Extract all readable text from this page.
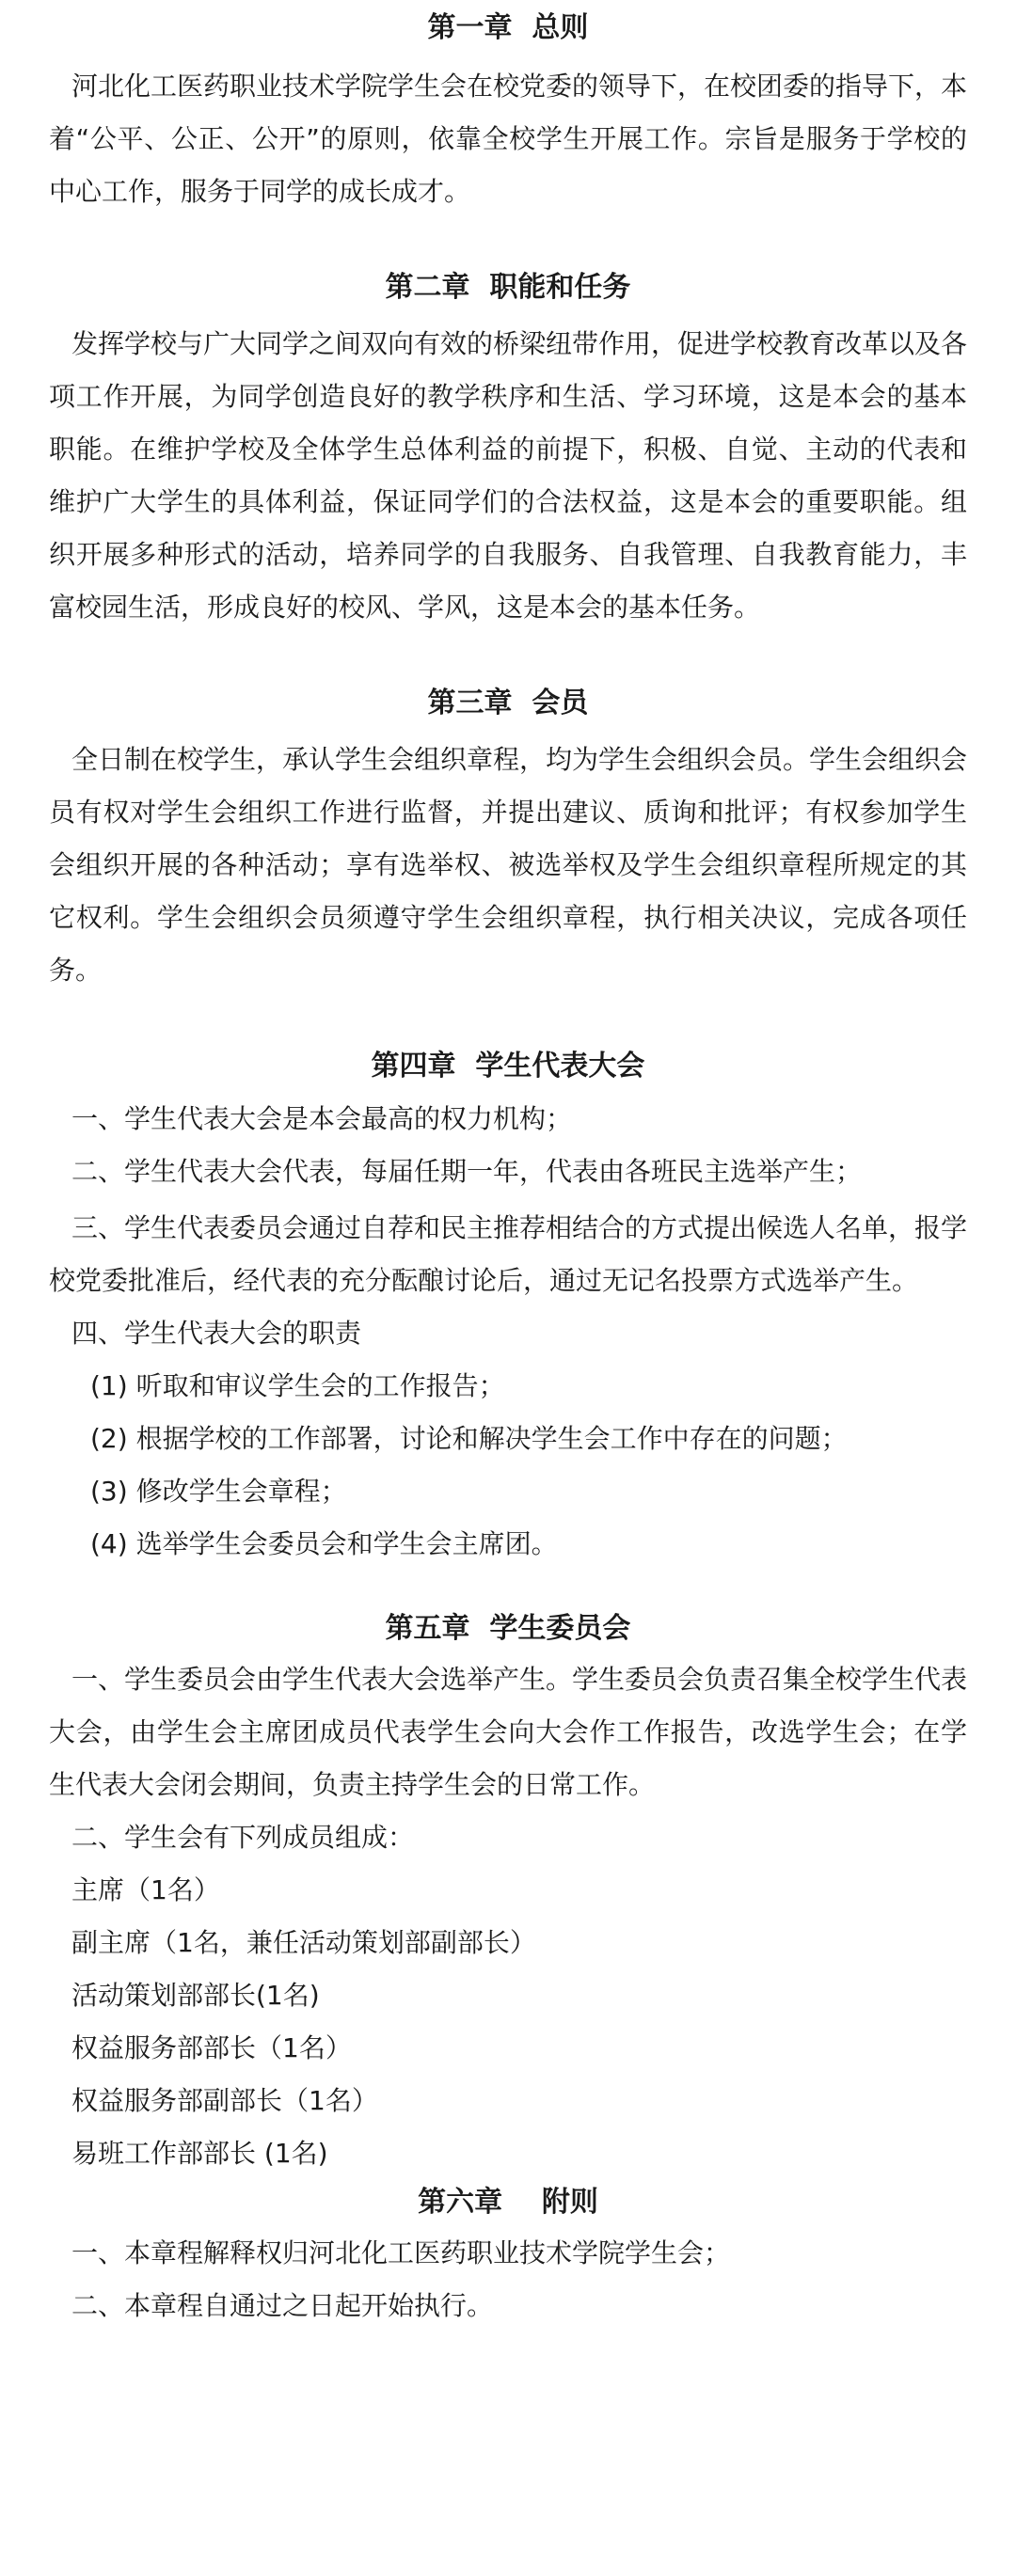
第一章  总则

河北化工医药职业技术学院学生会在校党委的领导下，在校团委的指导下，本着“公平、公正、公开”的原则，依靠全校学生开展工作。宗旨是服务于学校的中心工作，服务于同学的成长成才。

第二章  职能和任务

发挥学校与广大同学之间双向有效的桥梁纽带作用，促进学校教育改革以及各项工作开展，为同学创造良好的教学秩序和生活、学习环境，这是本会的基本职能。在维护学校及全体学生总体利益的前提下，积极、自觉、主动的代表和维护广大学生的具体利益，保证同学们的合法权益，这是本会的重要职能。组织开展多种形式的活动，培养同学的自我服务、自我管理、自我教育能力，丰富校园生活，形成良好的校风、学风，这是本会的基本任务。

第三章  会员

全日制在校学生，承认学生会组织章程，均为学生会组织会员。学生会组织会员有权对学生会组织工作进行监督，并提出建议、质询和批评；有权参加学生会组织开展的各种活动；享有选举权、被选举权及学生会组织章程所规定的其它权利。学生会组织会员须遵守学生会组织章程，执行相关决议，完成各项任务。

第四章  学生代表大会

一、学生代表大会是本会最高的权力机构；

二、学生代表大会代表，每届任期一年，代表由各班民主选举产生；

三、学生代表委员会通过自荐和民主推荐相结合的方式提出候选人名单，报学校党委批准后，经代表的充分酝酿讨论后，通过无记名投票方式选举产生。

四、学生代表大会的职责

(1) 听取和审议学生会的工作报告；

(2) 根据学校的工作部署，讨论和解决学生会工作中存在的问题；

(3) 修改学生会章程；

(4) 选举学生会委员会和学生会主席团。

第五章  学生委员会

一、学生委员会由学生代表大会选举产生。学生委员会负责召集全校学生代表大会，由学生会主席团成员代表学生会向大会作工作报告，改选学生会；在学生代表大会闭会期间，负责主持学生会的日常工作。

二、学生会有下列成员组成：

主席（1名）

副主席（1名，兼任活动策划部副部长）

活动策划部部长(1名)

权益服务部部长（1名）

权益服务部副部长（1名）

易班工作部部长 (1名)

第六章    附则

一、本章程解释权归河北化工医药职业技术学院学生会；

二、本章程自通过之日起开始执行。
